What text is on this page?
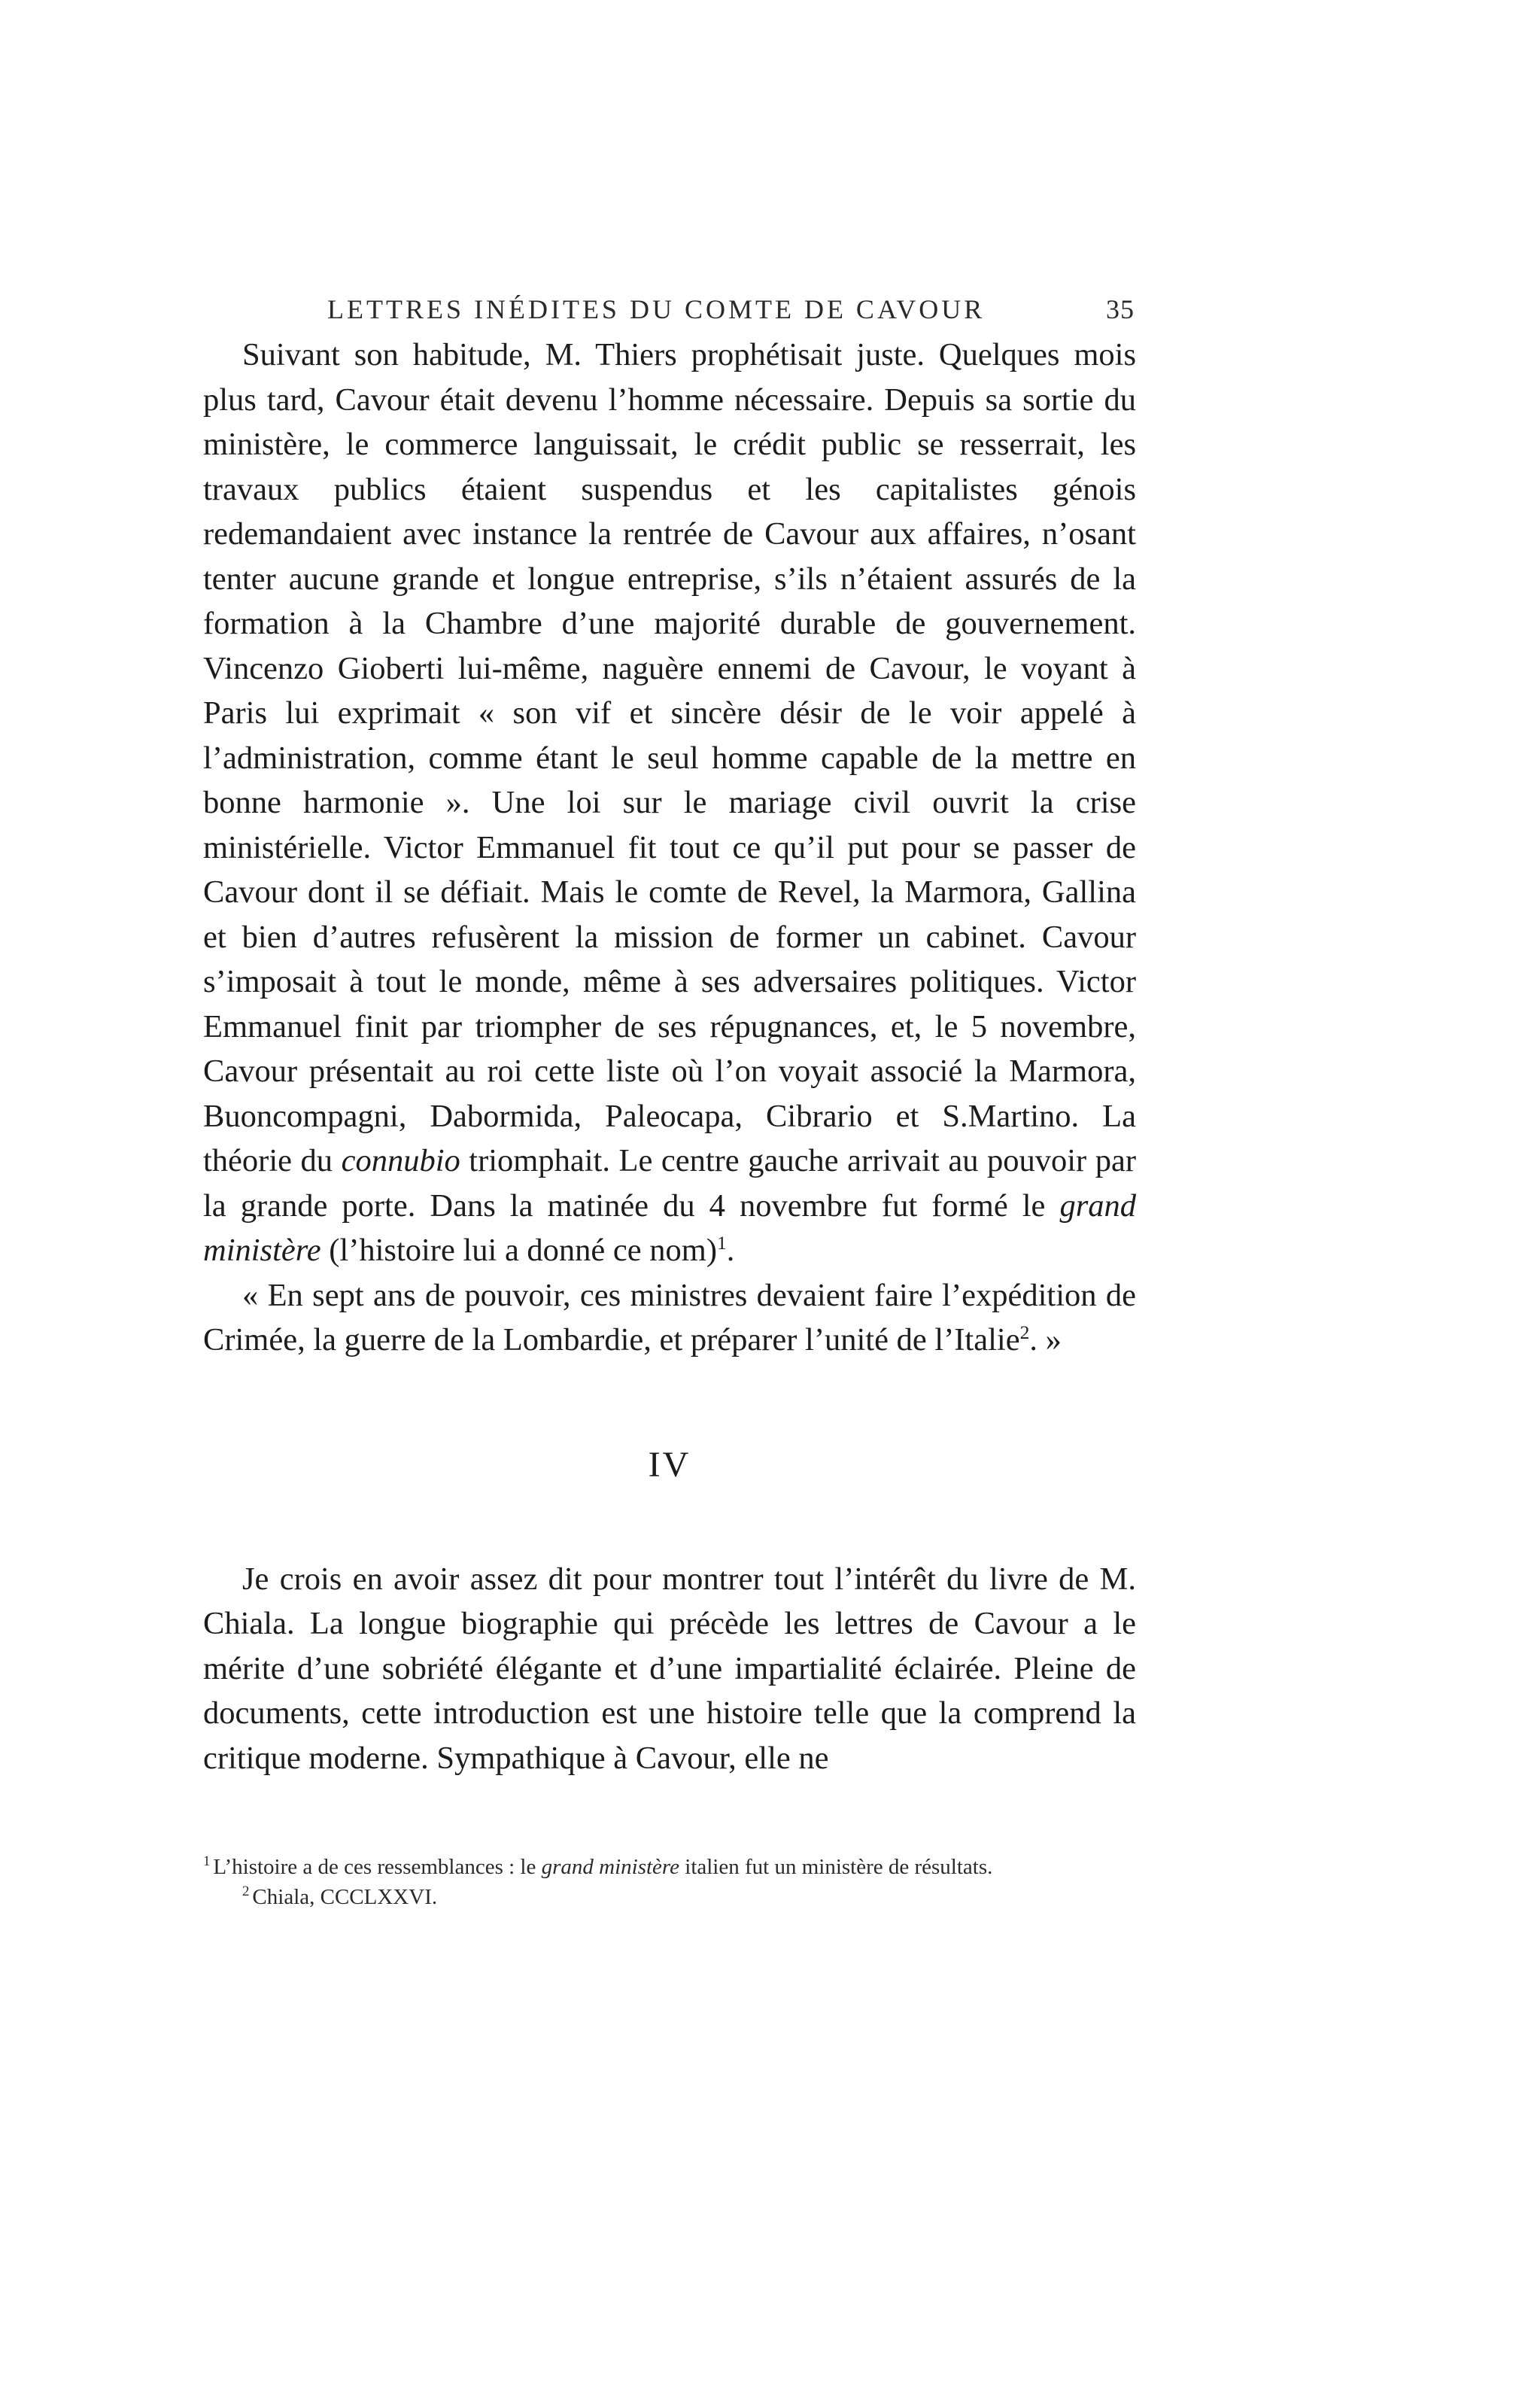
LETTRES INÉDITES DU COMTE DE CAVOUR	35

Suivant son habitude, M. Thiers prophétisait juste. Quelques mois plus tard, Cavour était devenu l’homme nécessaire. Depuis sa sortie du ministère, le commerce languissait, le crédit public se resserrait, les travaux publics étaient suspendus et les capitalistes génois redemandaient avec instance la rentrée de Cavour aux affaires, n’osant tenter aucune grande et longue entreprise, s’ils n’étaient assurés de la formation à la Chambre d’une majorité durable de gouvernement. Vincenzo Gioberti lui-même, naguère ennemi de Cavour, le voyant à Paris lui exprimait « son vif et sincère désir de le voir appelé à l’administration, comme étant le seul homme capable de la mettre en bonne harmonie ». Une loi sur le mariage civil ouvrit la crise ministérielle. Victor Emmanuel fit tout ce qu’il put pour se passer de Cavour dont il se défiait. Mais le comte de Revel, la Marmora, Gallina et bien d’autres refusèrent la mission de former un cabinet. Cavour s’imposait à tout le monde, même à ses adversaires politiques. Victor Emmanuel finit par triompher de ses répugnances, et, le 5 novembre, Cavour présentait au roi cette liste où l’on voyait associé la Marmora, Buoncompagni, Dabormida, Paleocapa, Cibrario et S.Martino. La théorie du connubio triomphait. Le centre gauche arrivait au pouvoir par la grande porte. Dans la matinée du 4 novembre fut formé le grand ministère (l’histoire lui a donné ce nom)$^1$.

« En sept ans de pouvoir, ces ministres devaient faire l’expédition de Crimée, la guerre de la Lombardie, et préparer l’unité de l’Italie$^2$. »

IV

Je crois en avoir assez dit pour montrer tout l’intérêt du livre de M. Chiala. La longue biographie qui précède les lettres de Cavour a le mérite d’une sobriété élégante et d’une impartialité éclairée. Pleine de documents, cette introduction est une histoire telle que la comprend la critique moderne. Sympathique à Cavour, elle ne

$^1$ L’histoire a de ces ressemblances : le grand ministère italien fut un ministère de résultats.

$^2$ Chiala, CCCLXXVI.
